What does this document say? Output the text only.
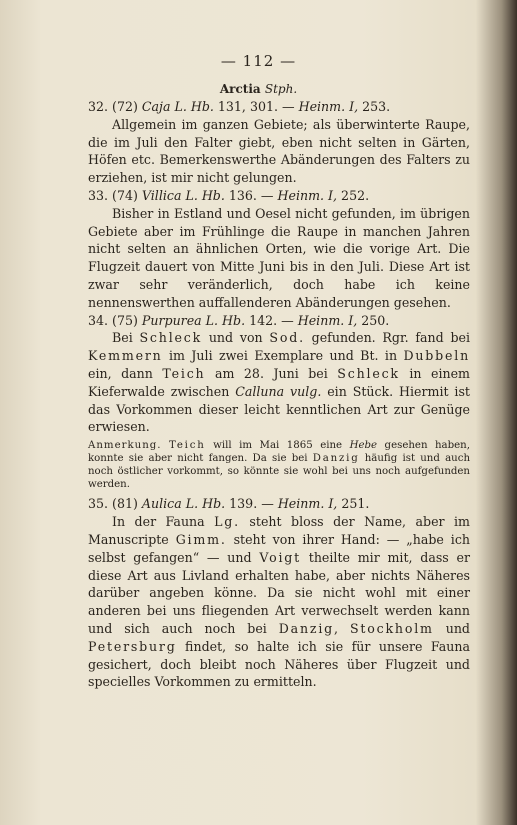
— 112 —
Arctia Stph.

32. (72) Caja L. Hb. 131, 301. — Heinm. I, 253.

Allgemein im ganzen Gebiete; als überwinterte Raupe, die im Juli den Falter giebt, eben nicht selten in Gärten, Höfen etc. Bemerkenswerthe Abänderungen des Falters zu erziehen, ist mir nicht gelungen.

33. (74) Villica L. Hb. 136. — Heinm. I, 252.

Bisher in Estland und Oesel nicht gefunden, im übrigen Gebiete aber im Frühlinge die Raupe in manchen Jahren nicht selten an ähnlichen Orten, wie die vorige Art. Die Flugzeit dauert von Mitte Juni bis in den Juli. Diese Art ist zwar sehr veränderlich, doch habe ich keine nennenswerthen auffallenderen Abänderungen gesehen.

34. (75) Purpurea L. Hb. 142. — Heinm. I, 250.

Bei Schleck und von Sod. gefunden. Rgr. fand bei Kemmern im Juli zwei Exemplare und Bt. in Dubbeln ein, dann Teich am 28. Juni bei Schleck in einem Kieferwalde zwischen Calluna vulg. ein Stück. Hiermit ist das Vorkommen dieser leicht kenntlichen Art zur Genüge erwiesen.

Anmerkung. Teich will im Mai 1865 eine Hebe gesehen haben, konnte sie aber nicht fangen. Da sie bei Danzig häufig ist und auch noch östlicher vorkommt, so könnte sie wohl bei uns noch aufgefunden werden.

35. (81) Aulica L. Hb. 139. — Heinm. I, 251.

In der Fauna Lg. steht bloss der Name, aber im Manuscripte Gimm. steht von ihrer Hand: — „habe ich selbst gefangen“ — und Voigt theilte mir mit, dass er diese Art aus Livland erhalten habe, aber nichts Näheres darüber angeben könne. Da sie nicht wohl mit einer anderen bei uns fliegenden Art verwechselt werden kann und sich auch noch bei Danzig, Stockholm und Petersburg findet, so halte ich sie für unsere Fauna gesichert, doch bleibt noch Näheres über Flugzeit und specielles Vorkommen zu ermitteln.
